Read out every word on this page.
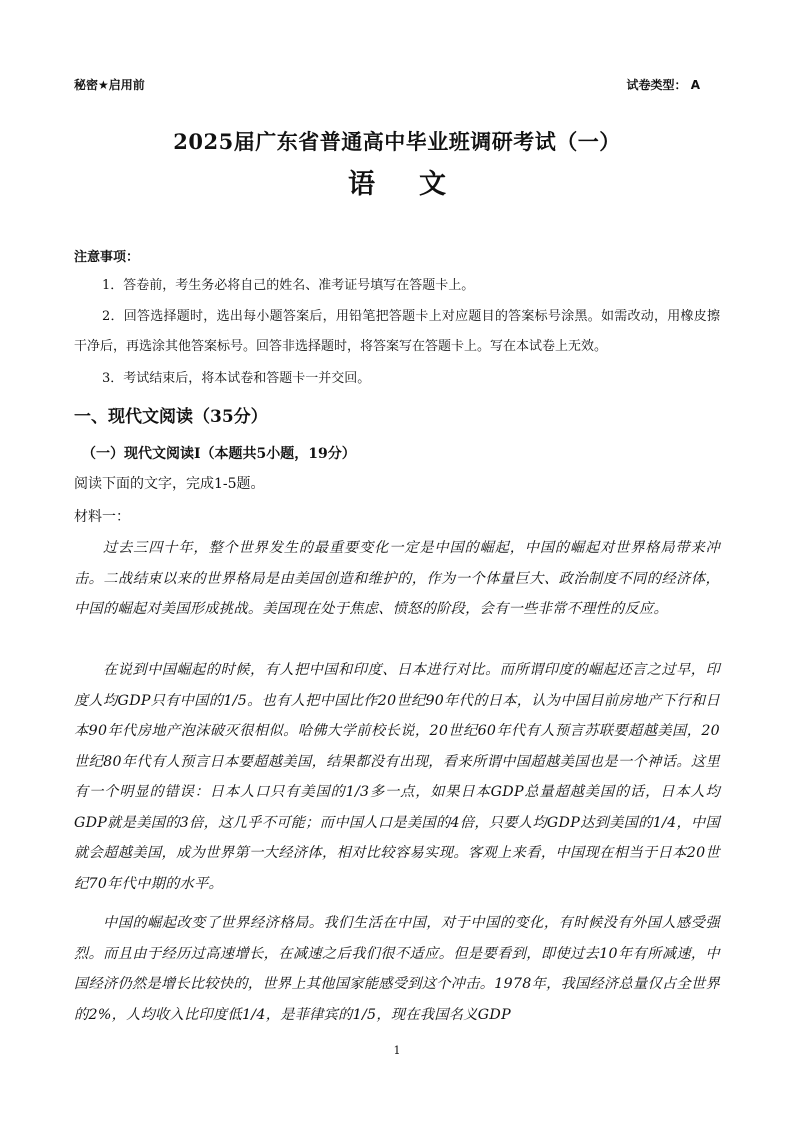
秘密★启用前	试卷类型： A
2025届广东省普通高中毕业班调研考试（一）
语文
注意事项：
1．答卷前，考生务必将自己的姓名、准考证号填写在答题卡上。
2．回答选择题时，选出每小题答案后，用铅笔把答题卡上对应题目的答案标号涂黑。如需改动，用橡皮擦干净后，再选涂其他答案标号。回答非选择题时，将答案写在答题卡上。写在本试卷上无效。
3．考试结束后，将本试卷和答题卡一并交回。
一、现代文阅读（35分）
（一）现代文阅读Ⅰ（本题共5小题，19分）
阅读下面的文字，完成1-5题。
材料一：
过去三四十年，整个世界发生的最重要变化一定是中国的崛起，中国的崛起对世界格局带来冲击。二战结束以来的世界格局是由美国创造和维护的，作为一个体量巨大、政治制度不同的经济体，中国的崛起对美国形成挑战。美国现在处于焦虑、愤怒的阶段，会有一些非常不理性的反应。
在说到中国崛起的时候，有人把中国和印度、日本进行对比。而所谓印度的崛起还言之过早，印度人均GDP只有中国的1/5。也有人把中国比作20世纪90年代的日本，认为中国目前房地产下行和日本90年代房地产泡沫破灭很相似。哈佛大学前校长说，20世纪60年代有人预言苏联要超越美国，20世纪80年代有人预言日本要超越美国，结果都没有出现，看来所谓中国超越美国也是一个神话。这里有一个明显的错误：日本人口只有美国的1/3多一点，如果日本GDP总量超越美国的话，日本人均GDP就是美国的3倍，这几乎不可能；而中国人口是美国的4倍，只要人均GDP达到美国的1/4，中国就会超越美国，成为世界第一大经济体，相对比较容易实现。客观上来看，中国现在相当于日本20世纪70年代中期的水平。
中国的崛起改变了世界经济格局。我们生活在中国，对于中国的变化，有时候没有外国人感受强烈。而且由于经历过高速增长，在减速之后我们很不适应。但是要看到，即使过去10年有所减速，中国经济仍然是增长比较快的，世界上其他国家能感受到这个冲击。1978年，我国经济总量仅占全世界的2%，人均收入比印度低1/4，是菲律宾的1/5，现在我国名义GDP
1
